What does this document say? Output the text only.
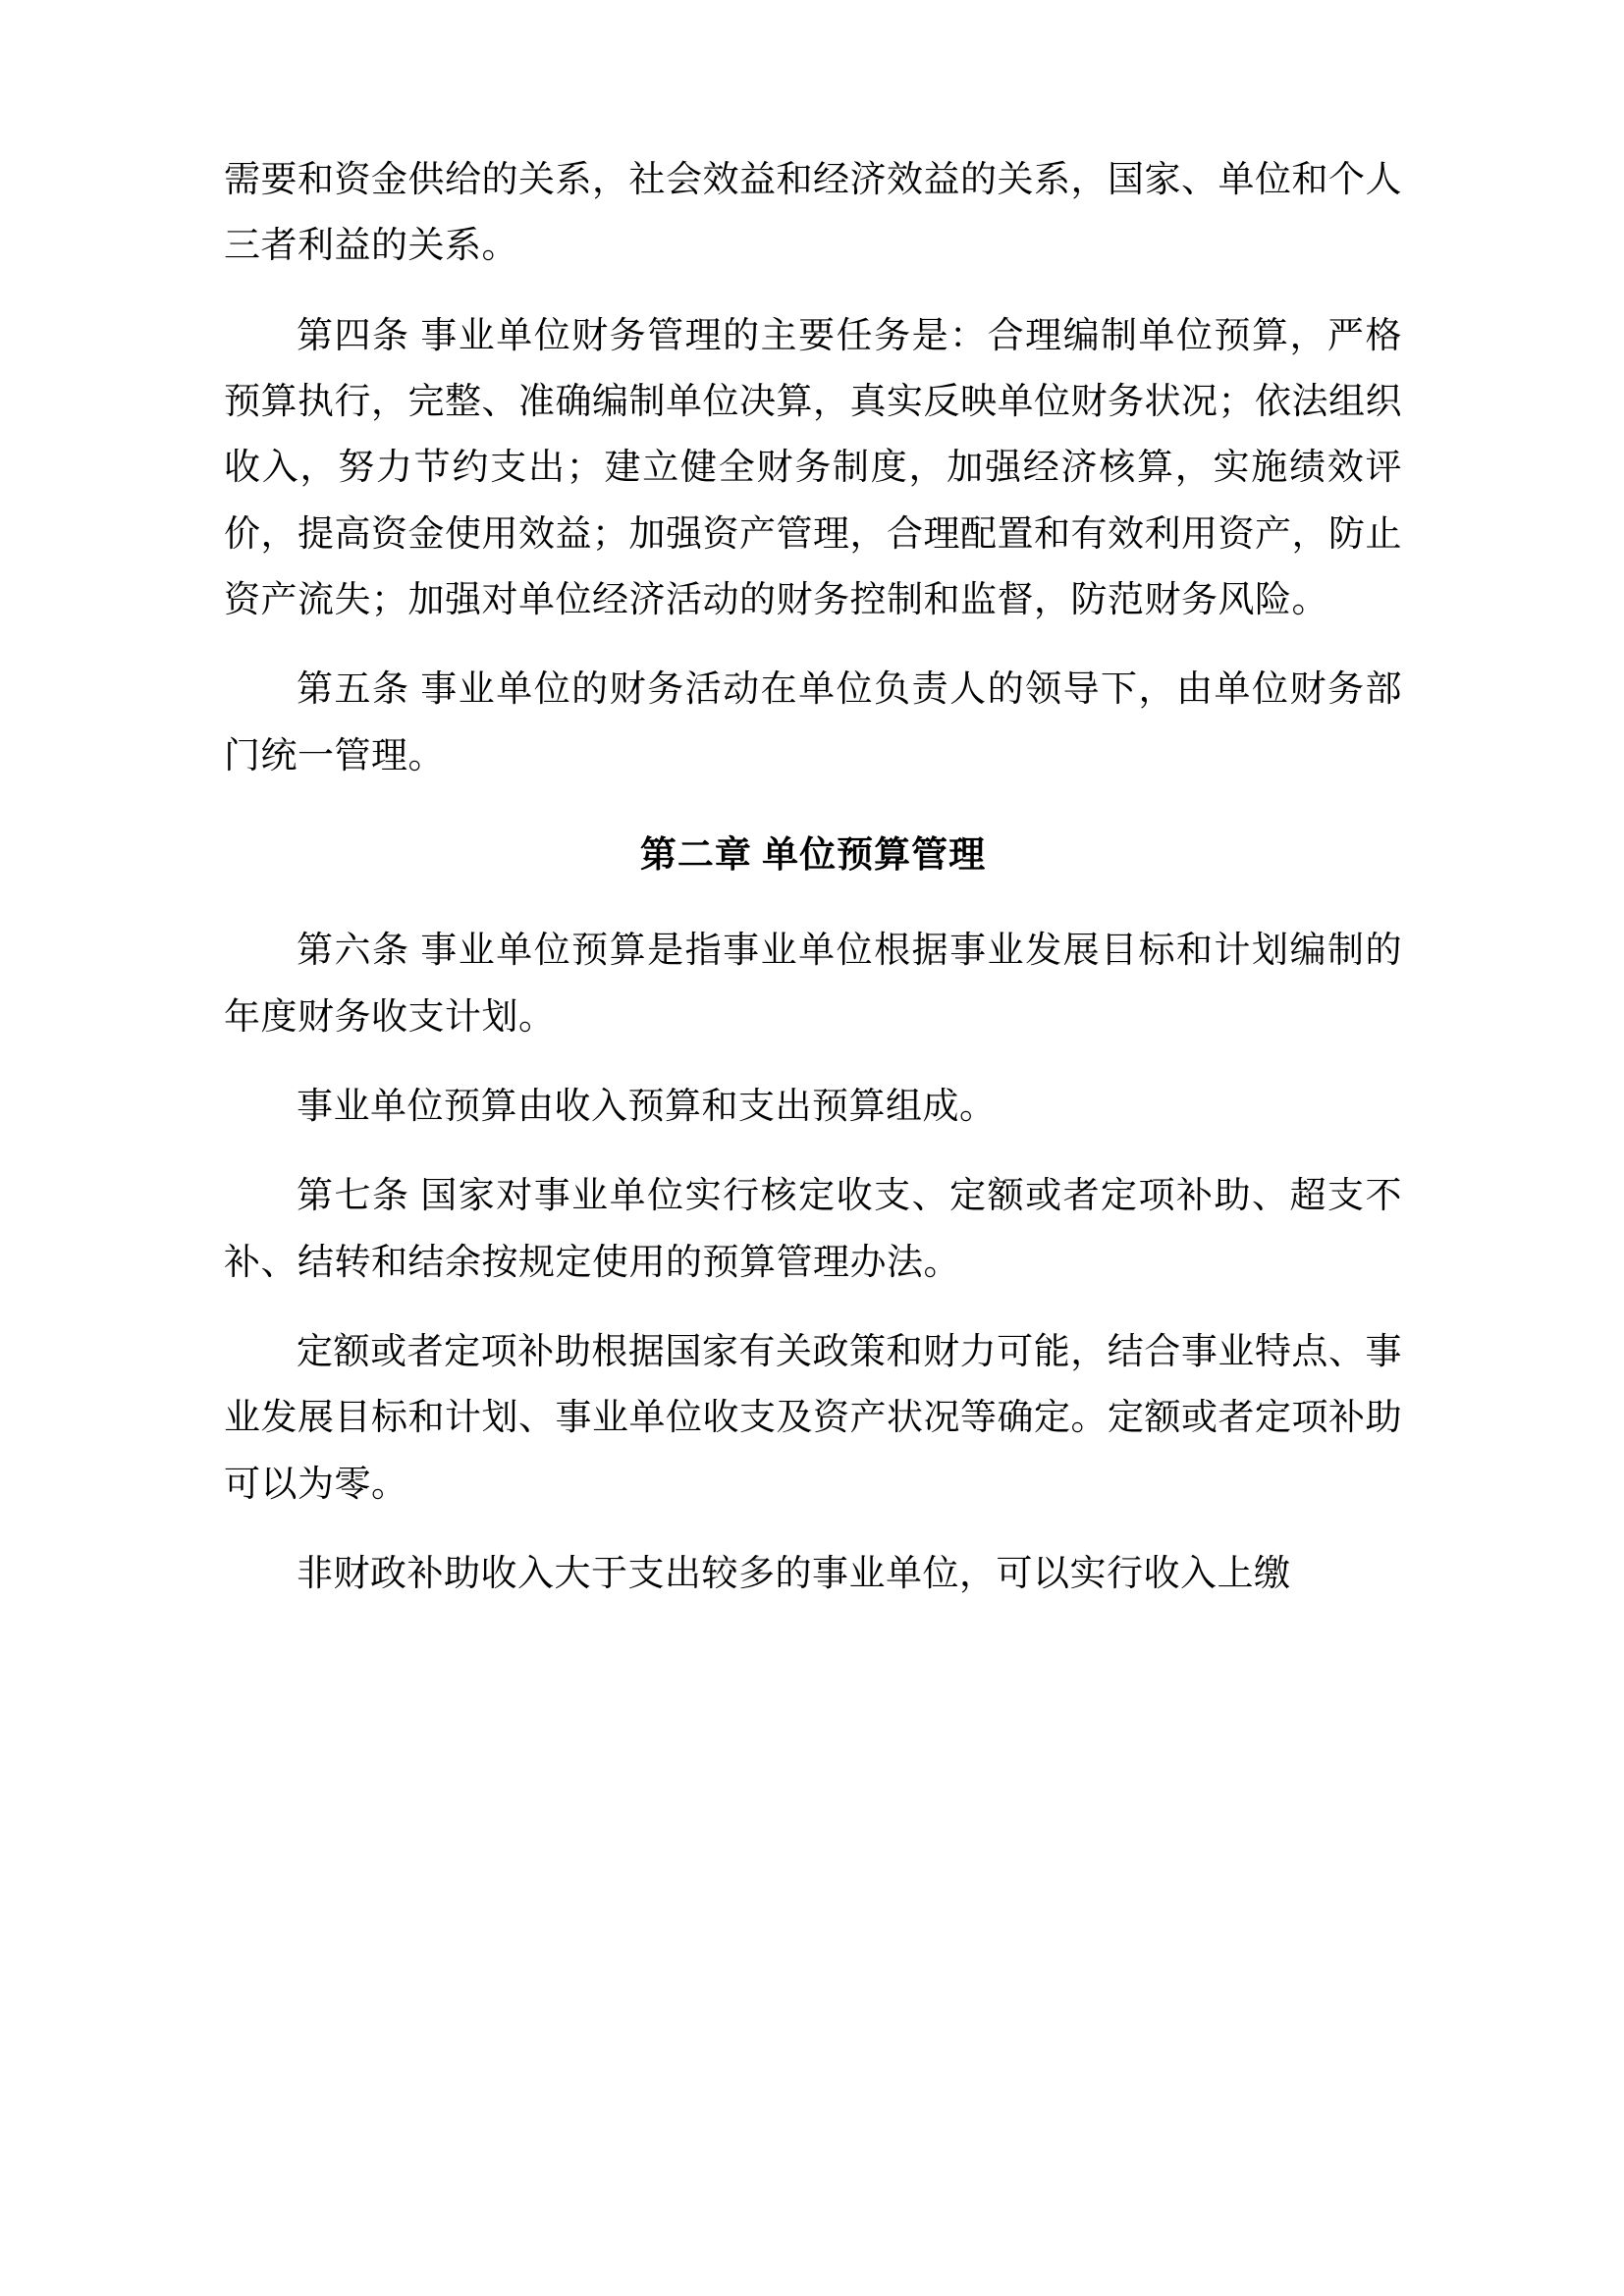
需要和资金供给的关系，社会效益和经济效益的关系，国家、单位和个人三者利益的关系。

第四条 事业单位财务管理的主要任务是：合理编制单位预算，严格预算执行，完整、准确编制单位决算，真实反映单位财务状况；依法组织收入，努力节约支出；建立健全财务制度，加强经济核算，实施绩效评价，提高资金使用效益；加强资产管理，合理配置和有效利用资产，防止资产流失；加强对单位经济活动的财务控制和监督，防范财务风险。

第五条 事业单位的财务活动在单位负责人的领导下，由单位财务部门统一管理。

第二章 单位预算管理

第六条 事业单位预算是指事业单位根据事业发展目标和计划编制的年度财务收支计划。

事业单位预算由收入预算和支出预算组成。

第七条 国家对事业单位实行核定收支、定额或者定项补助、超支不补、结转和结余按规定使用的预算管理办法。

定额或者定项补助根据国家有关政策和财力可能，结合事业特点、事业发展目标和计划、事业单位收支及资产状况等确定。定额或者定项补助可以为零。

非财政补助收入大于支出较多的事业单位，可以实行收入上缴
